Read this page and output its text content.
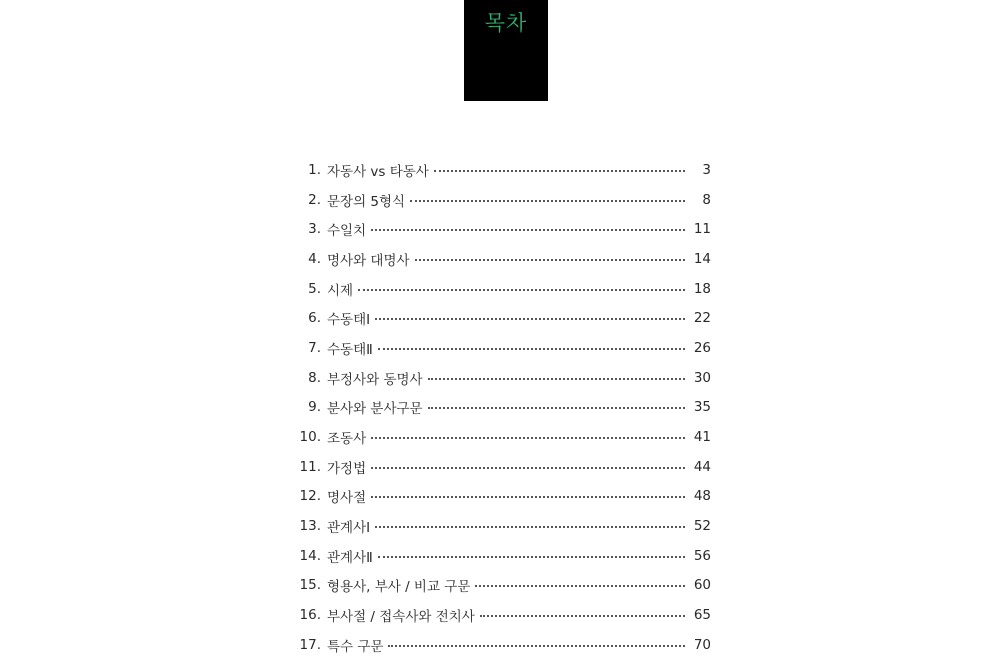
목차
1. 자동사 vs 타동사	3
2. 문장의 5형식	8
3. 수일치	11
4. 명사와 대명사	14
5. 시제	18
6. 수동태Ⅰ	22
7. 수동태Ⅱ	26
8. 부정사와 동명사	30
9. 분사와 분사구문	35
10. 조동사	41
11. 가정법	44
12. 명사절	48
13. 관계사Ⅰ	52
14. 관계사Ⅱ	56
15. 형용사, 부사 / 비교 구문	60
16. 부사절 / 접속사와 전치사	65
17. 특수 구문	70
